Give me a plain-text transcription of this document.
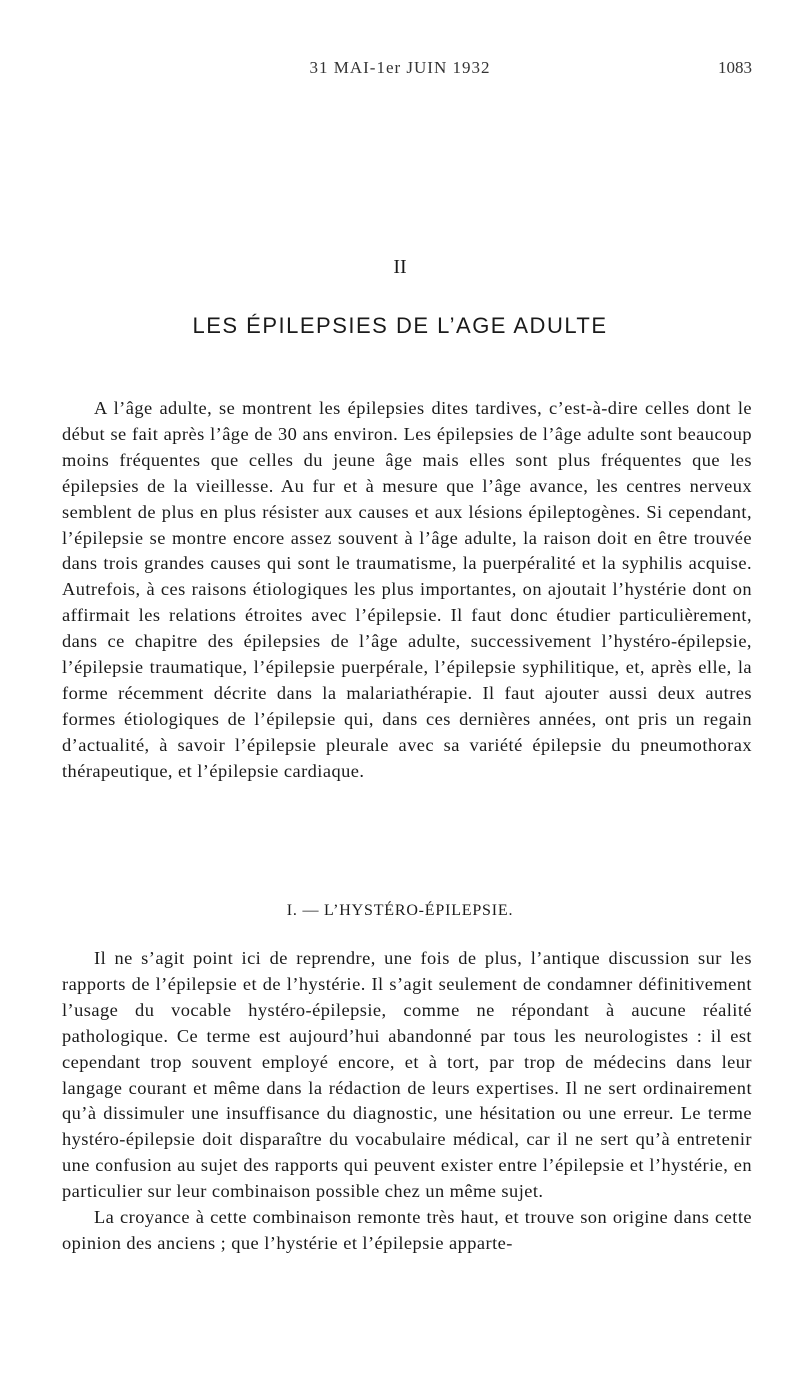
31 MAI-1er JUIN 1932	1083
II
LES ÉPILEPSIES DE L’AGE ADULTE

A l’âge adulte, se montrent les épilepsies dites tardives, c’est-à-dire celles dont le début se fait après l’âge de 30 ans environ. Les épilepsies de l’âge adulte sont beaucoup moins fréquentes que celles du jeune âge mais elles sont plus fréquentes que les épilepsies de la vieillesse. Au fur et à mesure que l’âge avance, les centres nerveux semblent de plus en plus résister aux causes et aux lésions épileptogènes. Si cependant, l’épilepsie se montre encore assez souvent à l’âge adulte, la raison doit en être trouvée dans trois grandes causes qui sont le traumatisme, la puerpéralité et la syphilis acquise. Autrefois, à ces raisons étiologiques les plus importantes, on ajoutait l’hystérie dont on affirmait les relations étroites avec l’épilepsie. Il faut donc étudier particulièrement, dans ce chapitre des épilepsies de l’âge adulte, successivement l’hystéro-épilepsie, l’épilepsie traumatique, l’épilepsie puerpérale, l’épilepsie syphilitique, et, après elle, la forme récemment décrite dans la malariathérapie. Il faut ajouter aussi deux autres formes étiologiques de l’épilepsie qui, dans ces dernières années, ont pris un regain d’actualité, à savoir l’épilepsie pleurale avec sa variété épilepsie du pneumothorax thérapeutique, et l’épilepsie cardiaque.

I. — L’HYSTÉRO-ÉPILEPSIE.

Il ne s’agit point ici de reprendre, une fois de plus, l’antique discussion sur les rapports de l’épilepsie et de l’hystérie. Il s’agit seulement de condamner définitivement l’usage du vocable hystéro-épilepsie, comme ne répondant à aucune réalité pathologique. Ce terme est aujourd’hui abandonné par tous les neurologistes : il est cependant trop souvent employé encore, et à tort, par trop de médecins dans leur langage courant et même dans la rédaction de leurs expertises. Il ne sert ordinairement qu’à dissimuler une insuffisance du diagnostic, une hésitation ou une erreur. Le terme hystéro-épilepsie doit disparaître du vocabulaire médical, car il ne sert qu’à entretenir une confusion au sujet des rapports qui peuvent exister entre l’épilepsie et l’hystérie, en particulier sur leur combinaison possible chez un même sujet.

La croyance à cette combinaison remonte très haut, et trouve son origine dans cette opinion des anciens ; que l’hystérie et l’épilepsie apparte-
